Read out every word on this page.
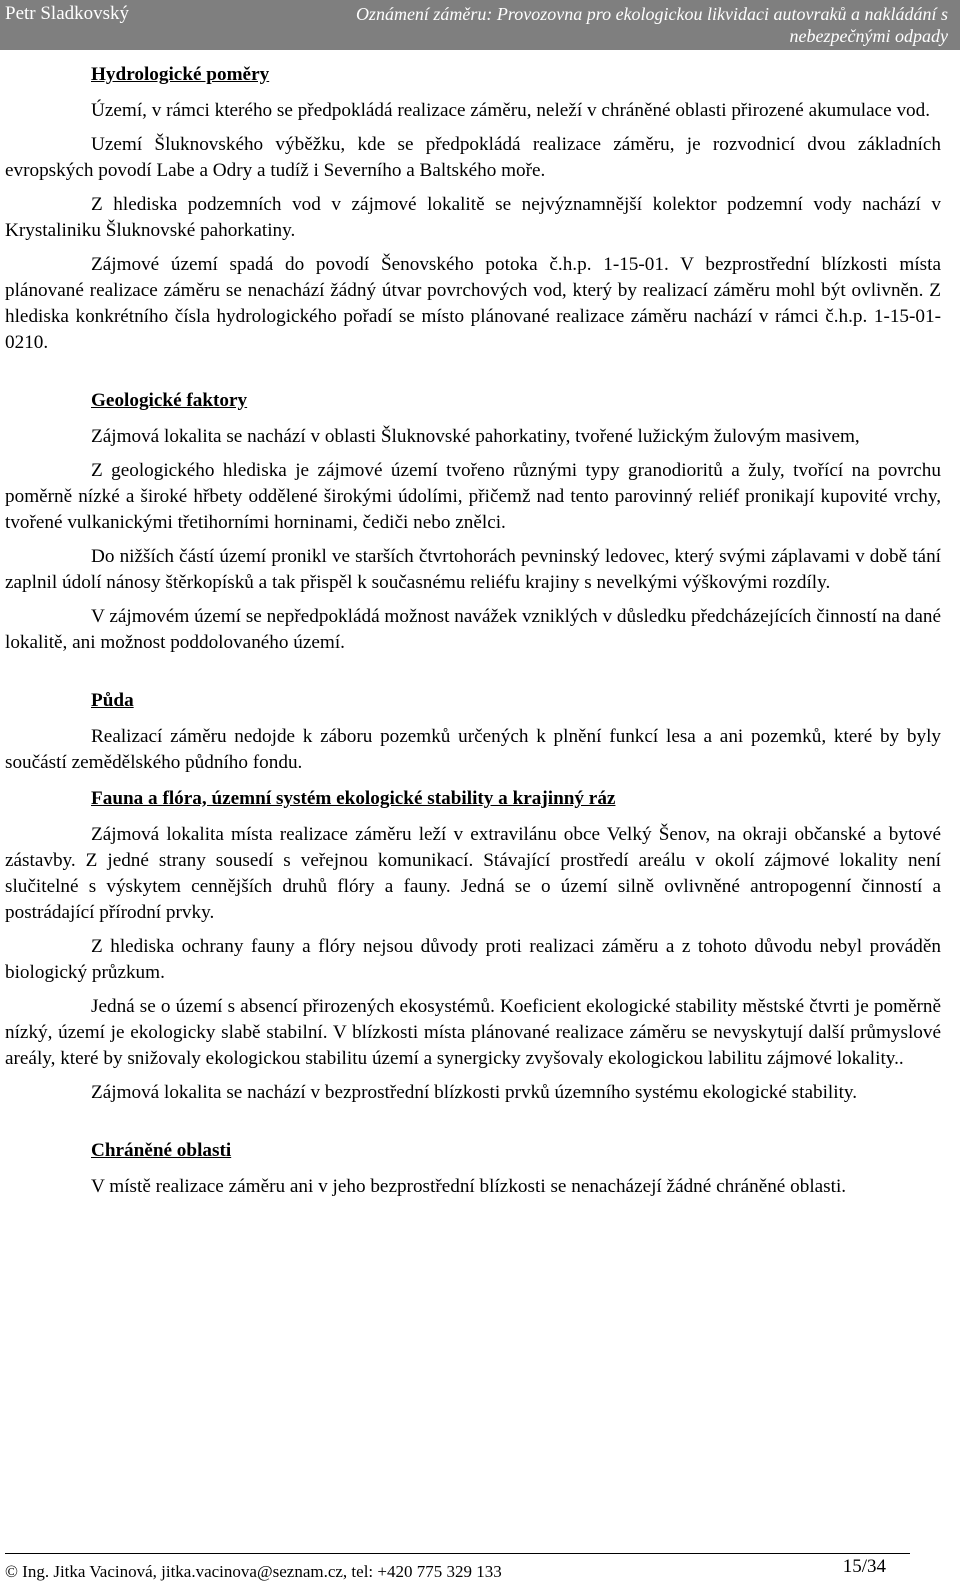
Petr Sladkovský	Oznámení záměru: Provozovna pro ekologickou likvidaci autovraků a nakládání s nebezpečnými odpady
Hydrologické poměry

Území, v rámci kterého se předpokládá realizace záměru, neleží v chráněné oblasti přirozené akumulace vod.

Uzemí Šluknovského výběžku, kde se předpokládá realizace záměru, je rozvodnicí dvou základních evropských povodí Labe a Odry a tudíž i Severního a Baltského moře.

Z hlediska podzemních vod v zájmové lokalitě se nejvýznamnější kolektor podzemní vody nachází v Krystaliniku Šluknovské pahorkatiny.

Zájmové území spadá do povodí Šenovského potoka č.h.p. 1-15-01. V bezprostřední blízkosti místa plánované realizace záměru se nenachází žádný útvar povrchových vod, který by realizací záměru mohl být ovlivněn. Z hlediska konkrétního čísla hydrologického pořadí se místo plánované realizace záměru nachází v rámci č.h.p. 1-15-01-0210.

Geologické faktory

Zájmová lokalita se nachází v oblasti Šluknovské pahorkatiny, tvořené lužickým žulovým masivem,

Z geologického hlediska je zájmové území tvořeno různými typy granodioritů a žuly, tvořící na povrchu poměrně nízké a široké hřbety oddělené širokými údolími, přičemž nad tento parovinný reliéf pronikají kupovité vrchy, tvořené vulkanickými třetihorními horninami, čediči nebo znělci.

Do nižších částí území pronikl ve starších čtvrtohorách pevninský ledovec, který svými záplavami v době tání zaplnil údolí nánosy štěrkopísků a tak přispěl k současnému reliéfu krajiny s nevelkými výškovými rozdíly.

V zájmovém území se nepředpokládá možnost navážek vzniklých v důsledku předcházejících činností na dané lokalitě, ani možnost poddolovaného území.

Půda

Realizací záměru nedojde k záboru pozemků určených k plnění funkcí lesa a ani pozemků, které by byly součástí zemědělského půdního fondu.

Fauna a flóra, územní systém ekologické stability a krajinný ráz

Zájmová lokalita místa realizace záměru leží v extravilánu obce Velký Šenov, na okraji občanské a bytové zástavby. Z jedné strany sousedí s veřejnou komunikací. Stávající prostředí areálu v okolí zájmové lokality není slučitelné s výskytem cennějších druhů flóry a fauny. Jedná se o území silně ovlivněné antropogenní činností a postrádající přírodní prvky.

Z hlediska ochrany fauny a flóry nejsou důvody proti realizaci záměru a z tohoto důvodu nebyl prováděn biologický průzkum.

Jedná se o území s absencí přirozených ekosystémů. Koeficient ekologické stability městské čtvrti je poměrně nízký, území je ekologicky slabě stabilní. V blízkosti místa plánované realizace záměru se nevyskytují další průmyslové areály, které by snižovaly ekologickou stabilitu území a synergicky zvyšovaly ekologickou labilitu zájmové lokality..

Zájmová lokalita se nachází v bezprostřední blízkosti prvků územního systému ekologické stability.

Chráněné oblasti

V místě realizace záměru ani v jeho bezprostřední blízkosti se nenacházejí žádné chráněné oblasti.

© Ing. Jitka Vacinová, jitka.vacinova@seznam.cz, tel: +420 775 329 133	15/34
